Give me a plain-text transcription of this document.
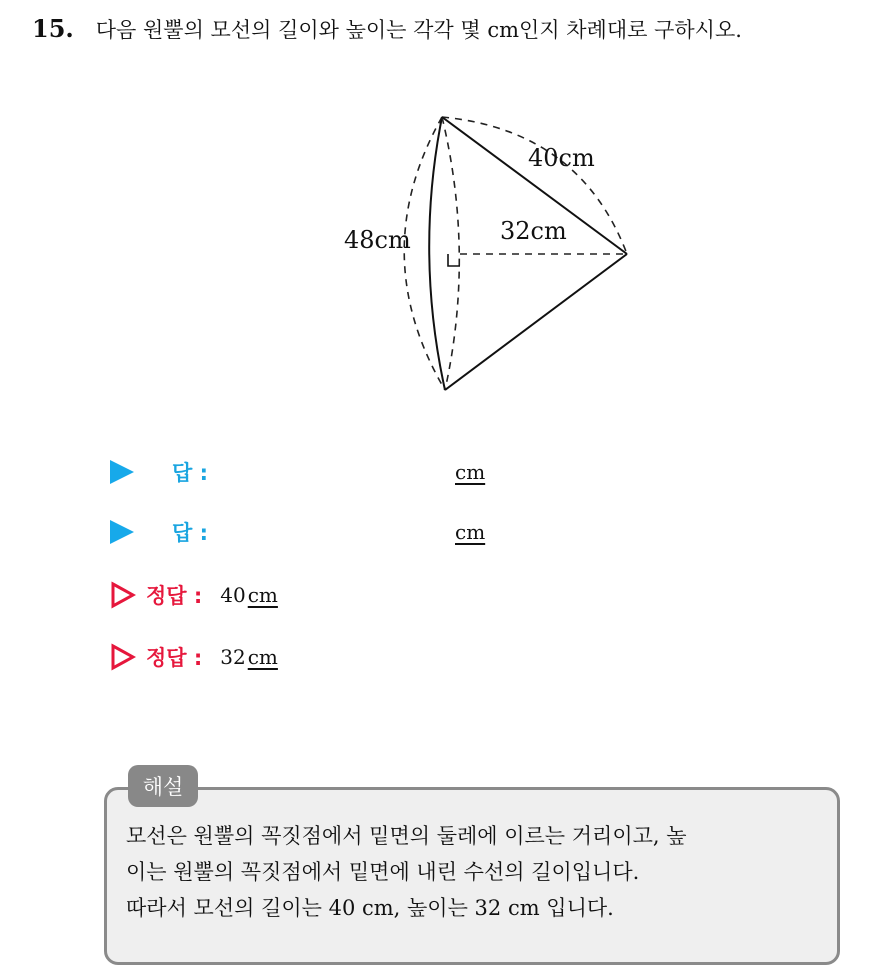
15. 다음 원뿔의 모선의 길이와 높이는 각각 몇 cm인지 차례대로 구하시오.
40cm
32cm
48cm
답 :	cm
답 :	cm
정답 : 40 cm
정답 : 32 cm
해설
모선은 원뿔의 꼭짓점에서 밑면의 둘레에 이르는 거리이고, 높
이는 원뿔의 꼭짓점에서 밑면에 내린 수선의 길이입니다.
따라서 모선의 길이는 40 cm, 높이는 32 cm 입니다.
